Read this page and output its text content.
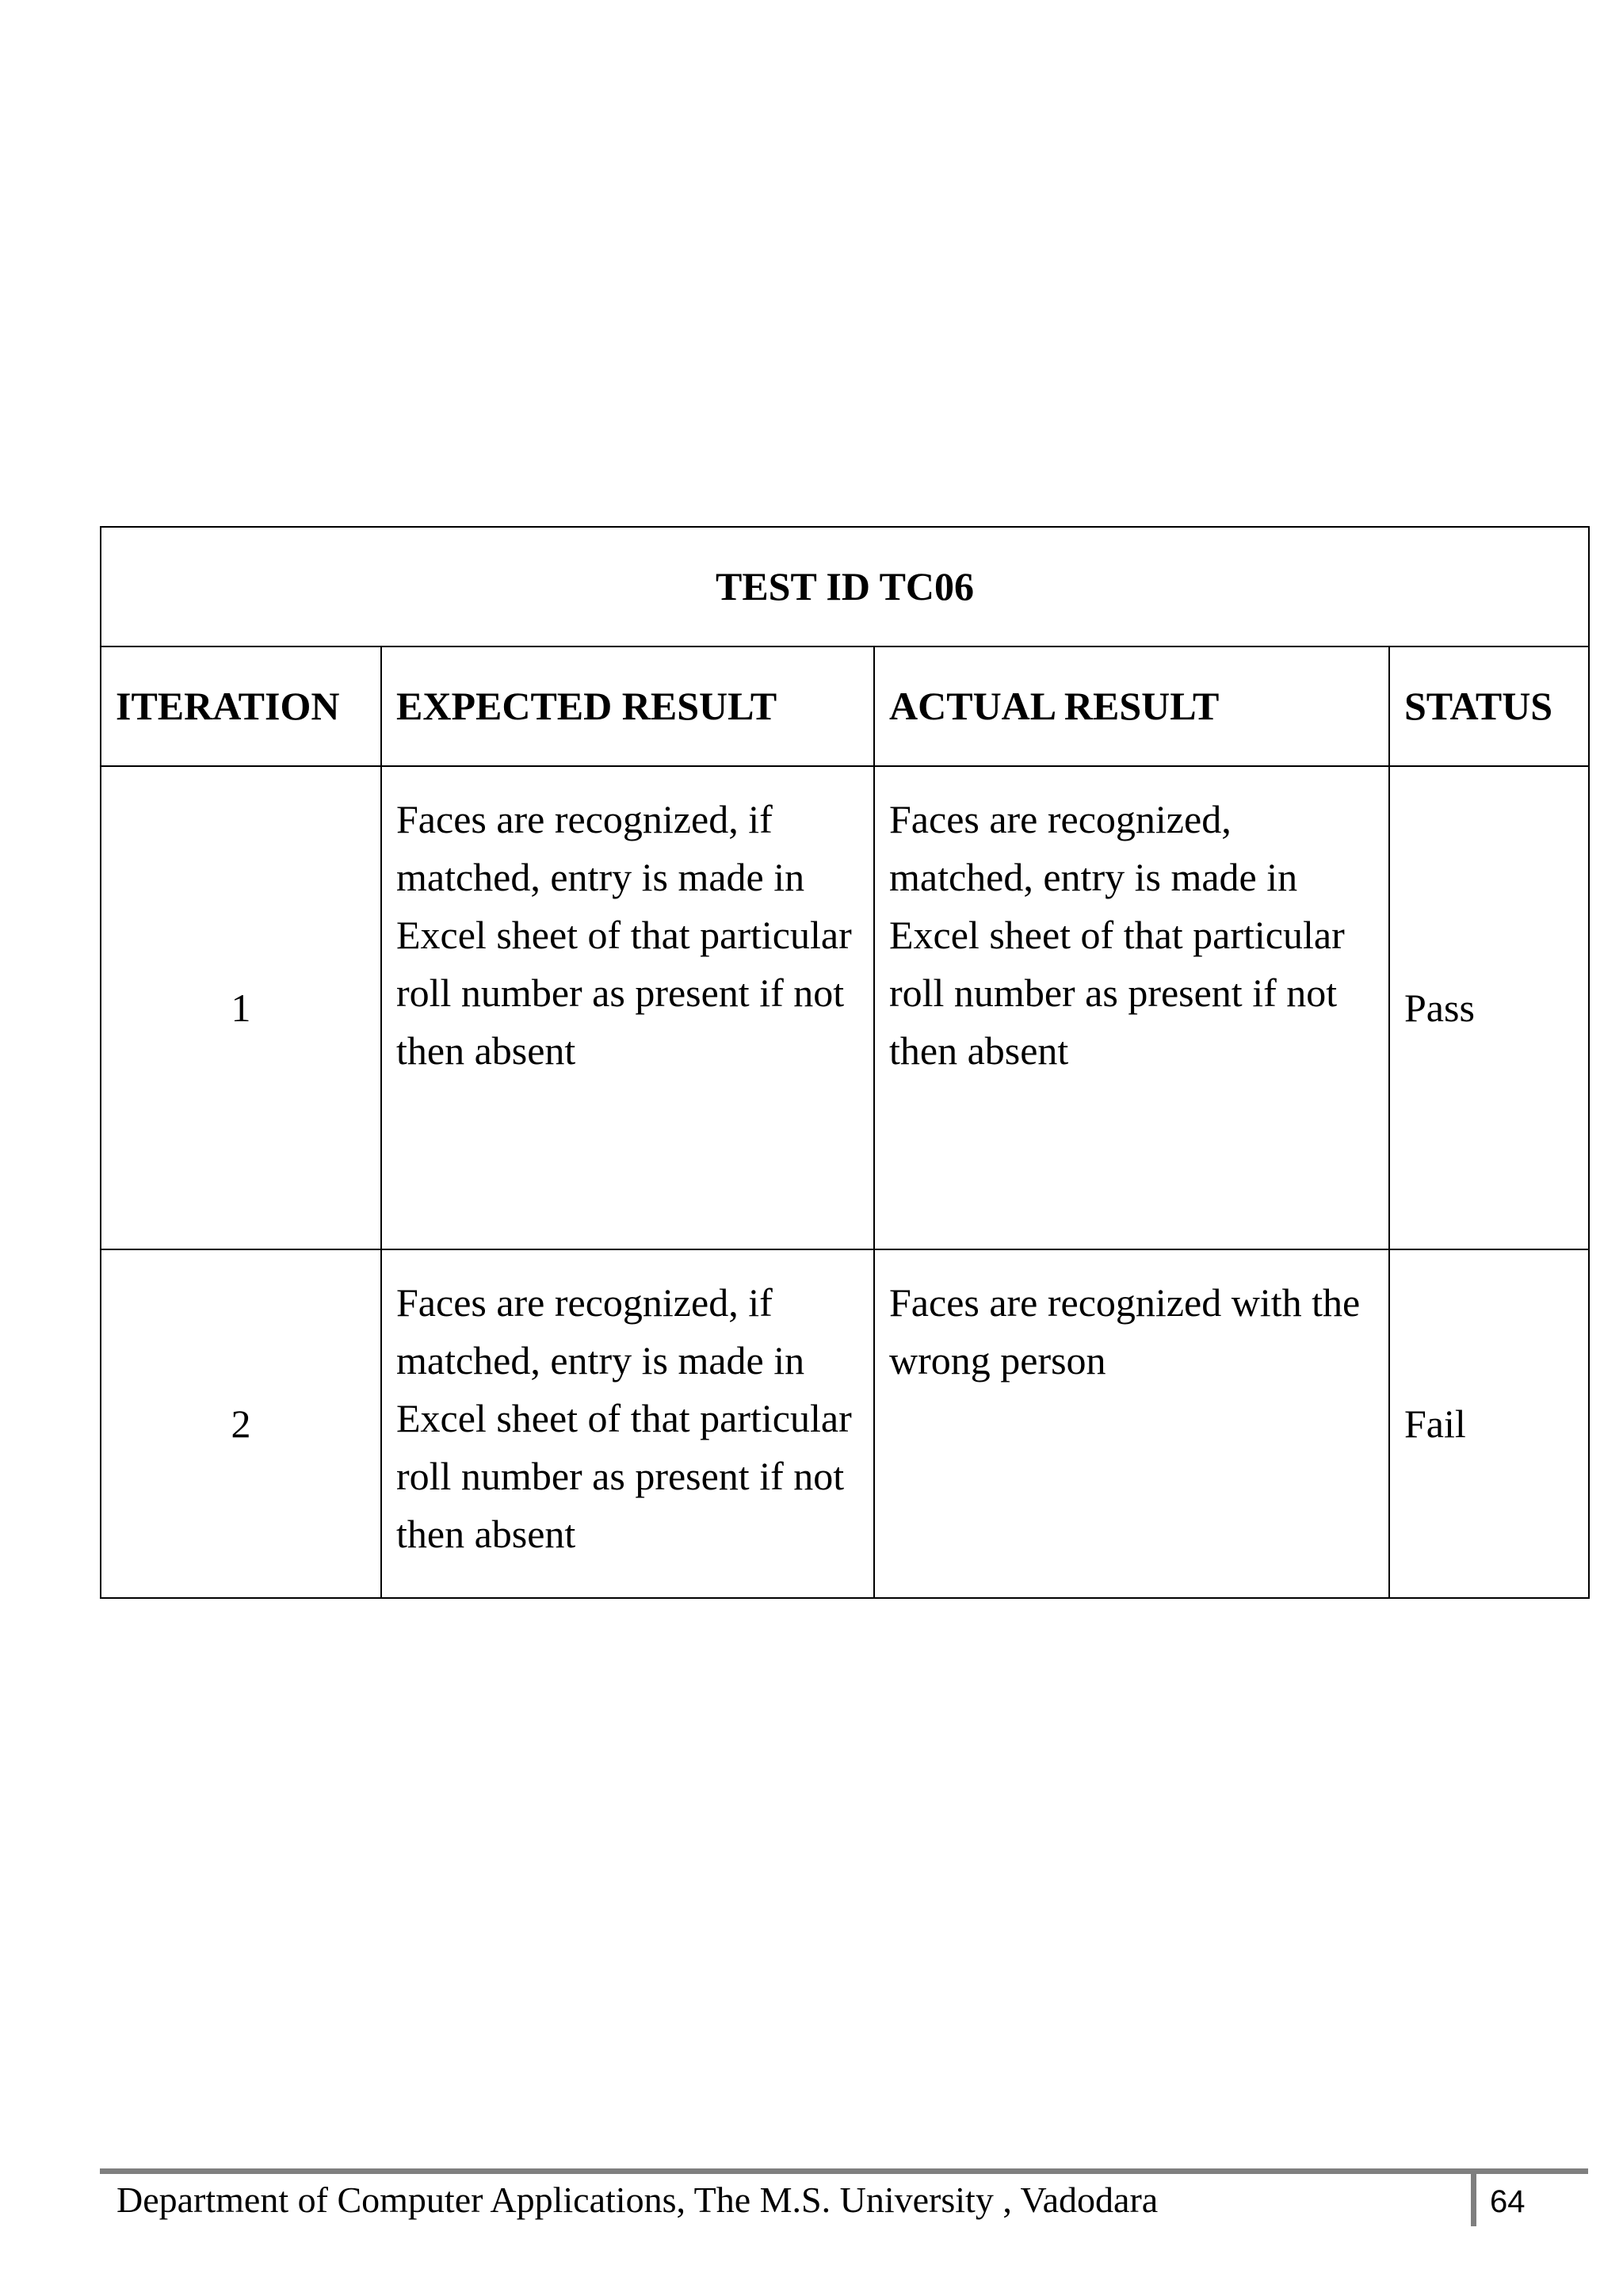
TEST ID TC06			
ITERATION	EXPECTED RESULT	ACTUAL RESULT	STATUS
1	Faces are recognized, if matched, entry is made in Excel sheet of that particular roll number as present if not then absent	Faces are recognized, matched, entry is made in Excel sheet of that particular roll number as present if not then absent	Pass
2	Faces are recognized, if matched, entry is made in Excel sheet of that particular roll number as present if not then absent	Faces are recognized with the wrong person	Fail
Department of Computer Applications, The M.S. University , Vadodara	64
